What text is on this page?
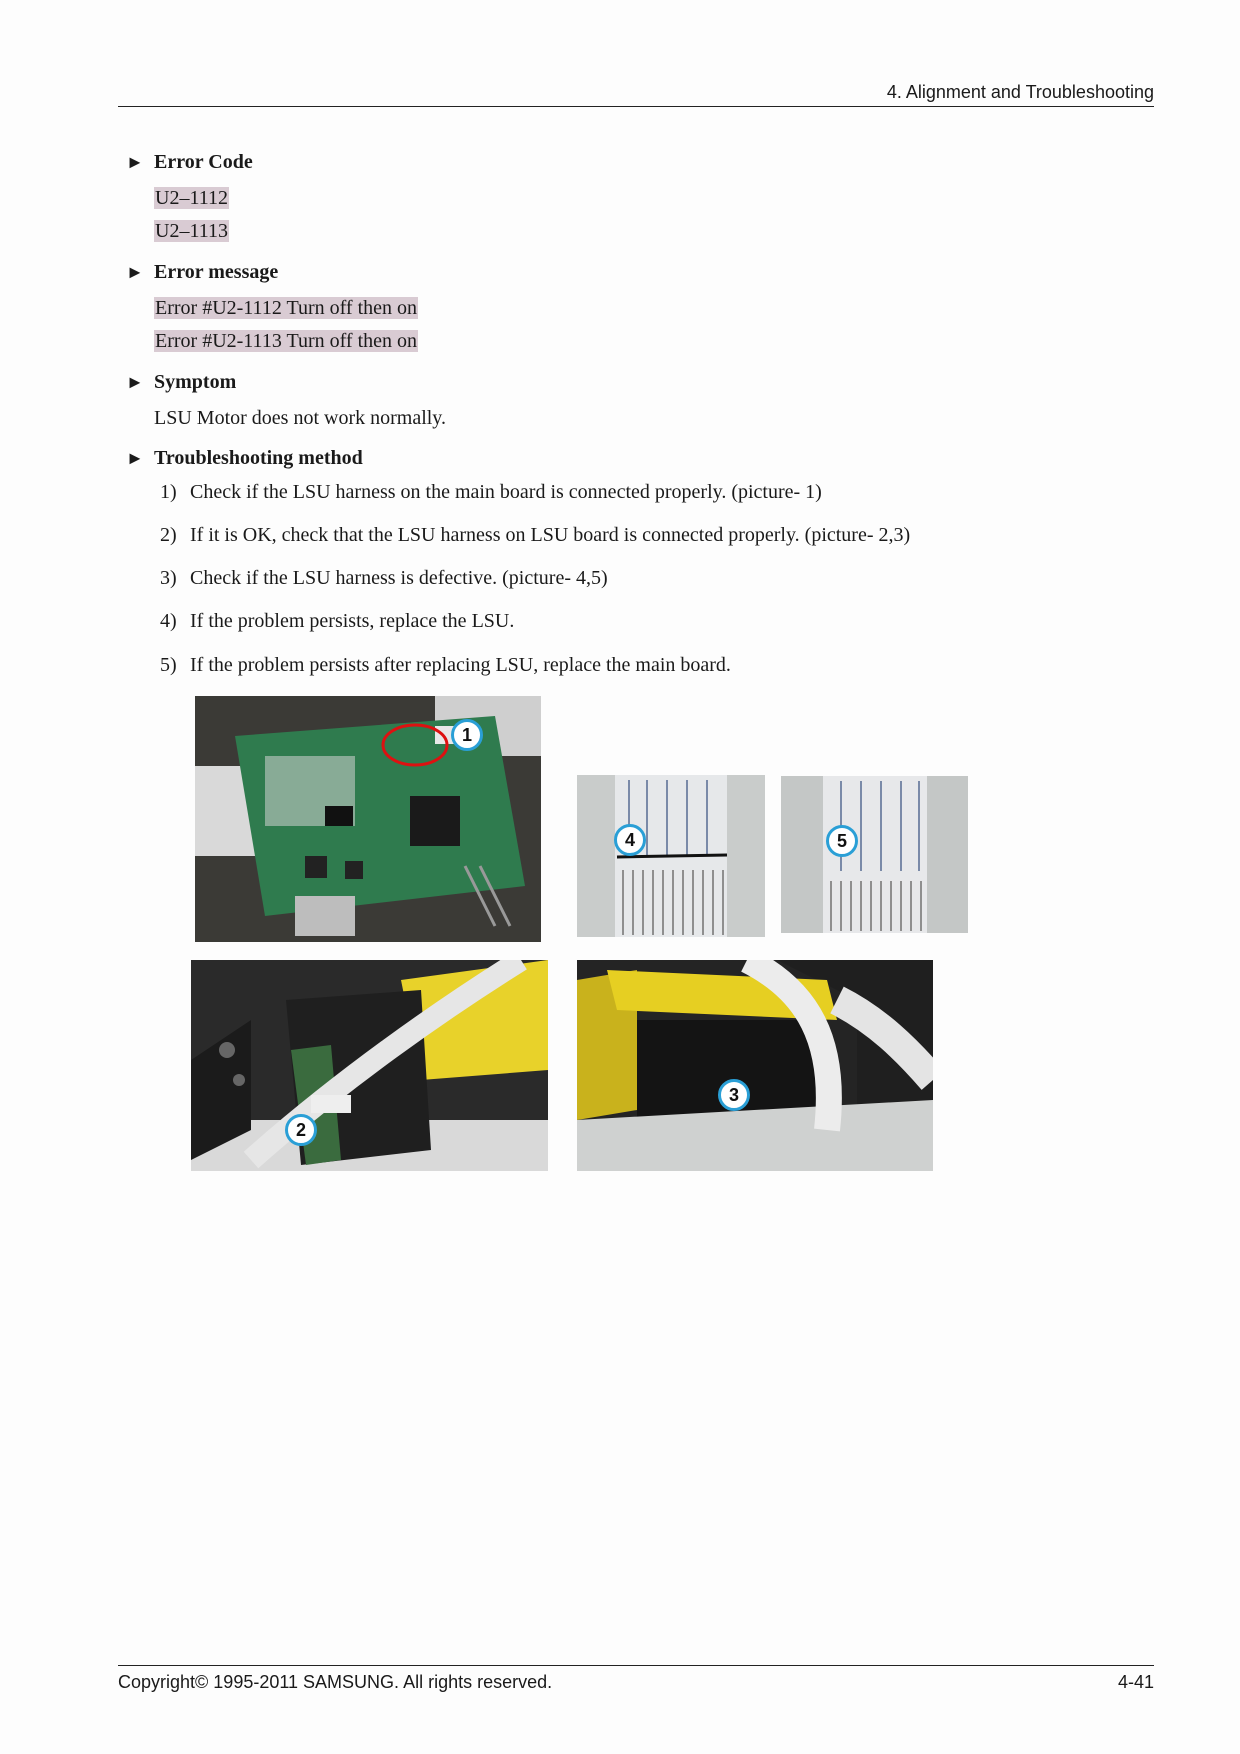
4. Alignment and Troubleshooting
► Error Code
U2–1112
U2–1113
► Error message
Error #U2-1112 Turn off then on
Error #U2-1113 Turn off then on
► Symptom
LSU Motor does not work normally.
► Troubleshooting method
1) Check if the LSU harness on the main board is connected properly. (picture- 1)
2) If it is OK, check that the LSU harness on LSU board is connected properly. (picture- 2,3)
3) Check if the LSU harness is defective. (picture- 4,5)
4) If the problem persists, replace the LSU.
5) If the problem persists after replacing LSU, replace the main board.
1
4	5
2
3
Copyright© 1995-2011 SAMSUNG. All rights reserved.	4-41
